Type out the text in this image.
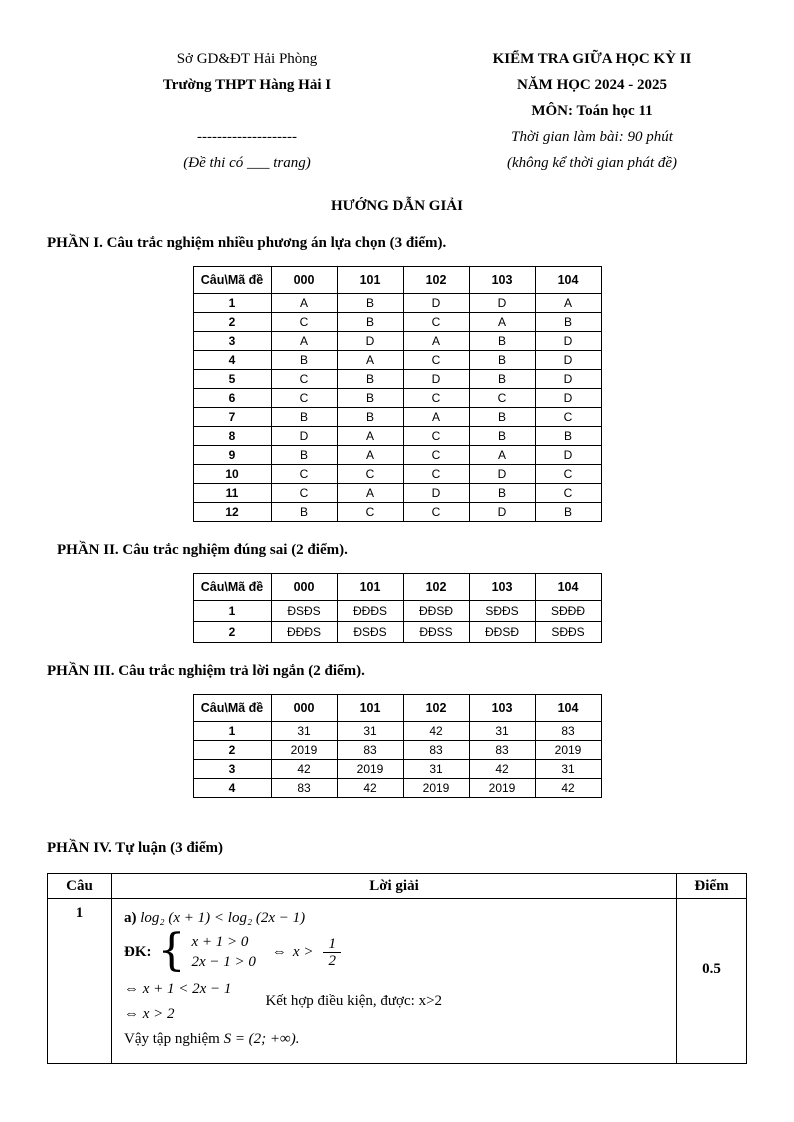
Sở GD&ĐT Hải Phòng
Trường THPT Hàng Hải I
--------------------
(Đề thi có ___ trang)
KIỂM TRA GIỮA HỌC KỲ II
NĂM HỌC 2024 - 2025
MÔN: Toán học 11
Thời gian làm bài: 90 phút
(không kể thời gian phát đề)
HƯỚNG DẪN GIẢI
PHẦN I. Câu trắc nghiệm nhiều phương án lựa chọn (3 điểm).
Câu\Mã đề	000	101	102	103	104
1	A	B	D	D	A
2	C	B	C	A	B
3	A	D	A	B	D
4	B	A	C	B	D
5	C	B	D	B	D
6	C	B	C	C	D
7	B	B	A	B	C
8	D	A	C	B	B
9	B	A	C	A	D
10	C	C	C	D	C
11	C	A	D	B	C
12	B	C	C	D	B
PHẦN II. Câu trắc nghiệm đúng sai (2 điểm).
Câu\Mã đề	000	101	102	103	104
1	ĐSĐS	ĐĐĐS	ĐĐSĐ	SĐĐS	SĐĐĐ
2	ĐĐĐS	ĐSĐS	ĐĐSS	ĐĐSĐ	SĐĐS
PHẦN III. Câu trắc nghiệm trả lời ngắn (2 điểm).
Câu\Mã đề	000	101	102	103	104
1	31	31	42	31	83
2	2019	83	83	83	2019
3	42	2019	31	42	31
4	83	42	2019	2019	42
PHẦN IV. Tự luận (3 điểm)
Câu	Lời giải	Điểm
1	a) log₂ (x + 1) < log₂ (2x − 1)
ĐK: { x + 1 > 0
2x − 1 > 0
⇔ $x > \frac{1}{2}$
⇔ x + 1 < 2x − 1
⇔ x > 2
Kết hợp điều kiện, được: x>2
Vậy tập nghiệm S = (2; +∞).
	0.5
